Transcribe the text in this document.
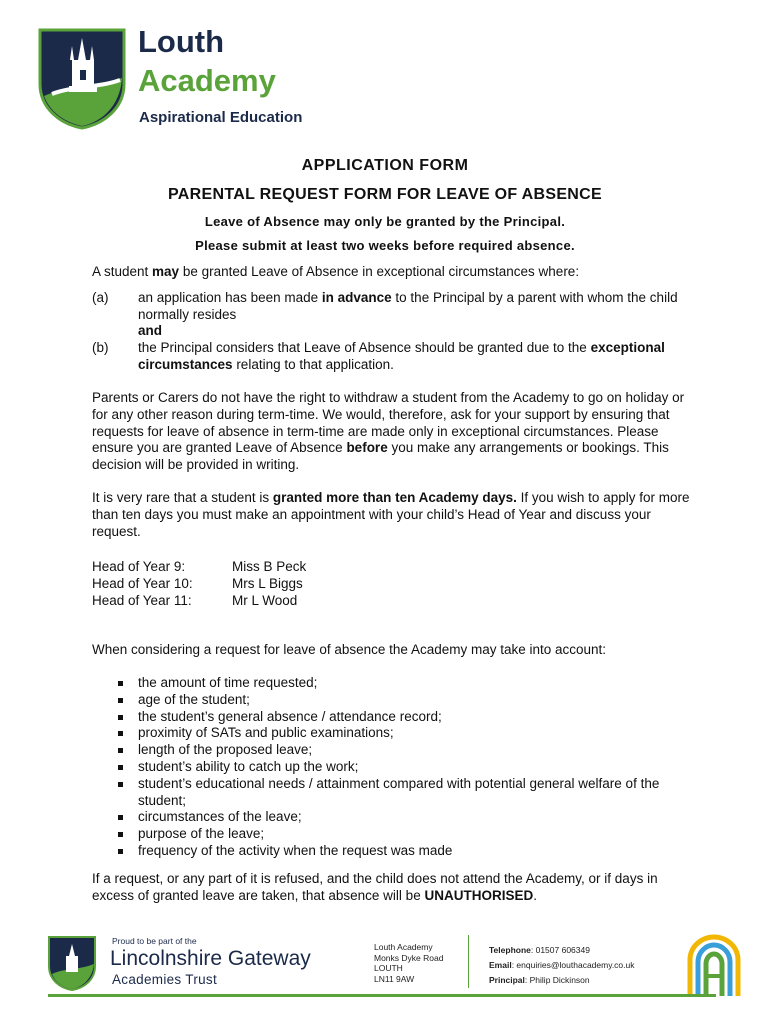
Louth
Academy
Aspirational Education
APPLICATION FORM
PARENTAL REQUEST FORM FOR LEAVE OF ABSENCE
Leave of Absence may only be granted by the Principal.
Please submit at least two weeks before required absence.
A student may be granted Leave of Absence in exceptional circumstances where:
(a) an application has been made in advance to the Principal by a parent with whom the child normally resides
and
(b) the Principal considers that Leave of Absence should be granted due to the exceptional circumstances relating to that application.
Parents or Carers do not have the right to withdraw a student from the Academy to go on holiday or for any other reason during term-time. We would, therefore, ask for your support by ensuring that requests for leave of absence in term-time are made only in exceptional circumstances. Please ensure you are granted Leave of Absence before you make any arrangements or bookings. This decision will be provided in writing.
It is very rare that a student is granted more than ten Academy days. If you wish to apply for more than ten days you must make an appointment with your child’s Head of Year and discuss your request.
Head of Year 9:	Miss B Peck
Head of Year 10:	Mrs L Biggs
Head of Year 11:	Mr L Wood
When considering a request for leave of absence the Academy may take into account:
the amount of time requested;
age of the student;
the student’s general absence / attendance record;
proximity of SATs and public examinations;
length of the proposed leave;
student’s ability to catch up the work;
student’s educational needs / attainment compared with potential general welfare of the student;
circumstances of the leave;
purpose of the leave;
frequency of the activity when the request was made
If a request, or any part of it is refused, and the child does not attend the Academy, or if days in excess of granted leave are taken, that absence will be UNAUTHORISED.
Proud to be part of the
Lincolnshire Gateway
Academies Trust
Louth Academy
Monks Dyke Road
LOUTH
LN11 9AW
Telephone: 01507 606349
Email: enquiries@louthacademy.co.uk
Principal: Philip Dickinson
